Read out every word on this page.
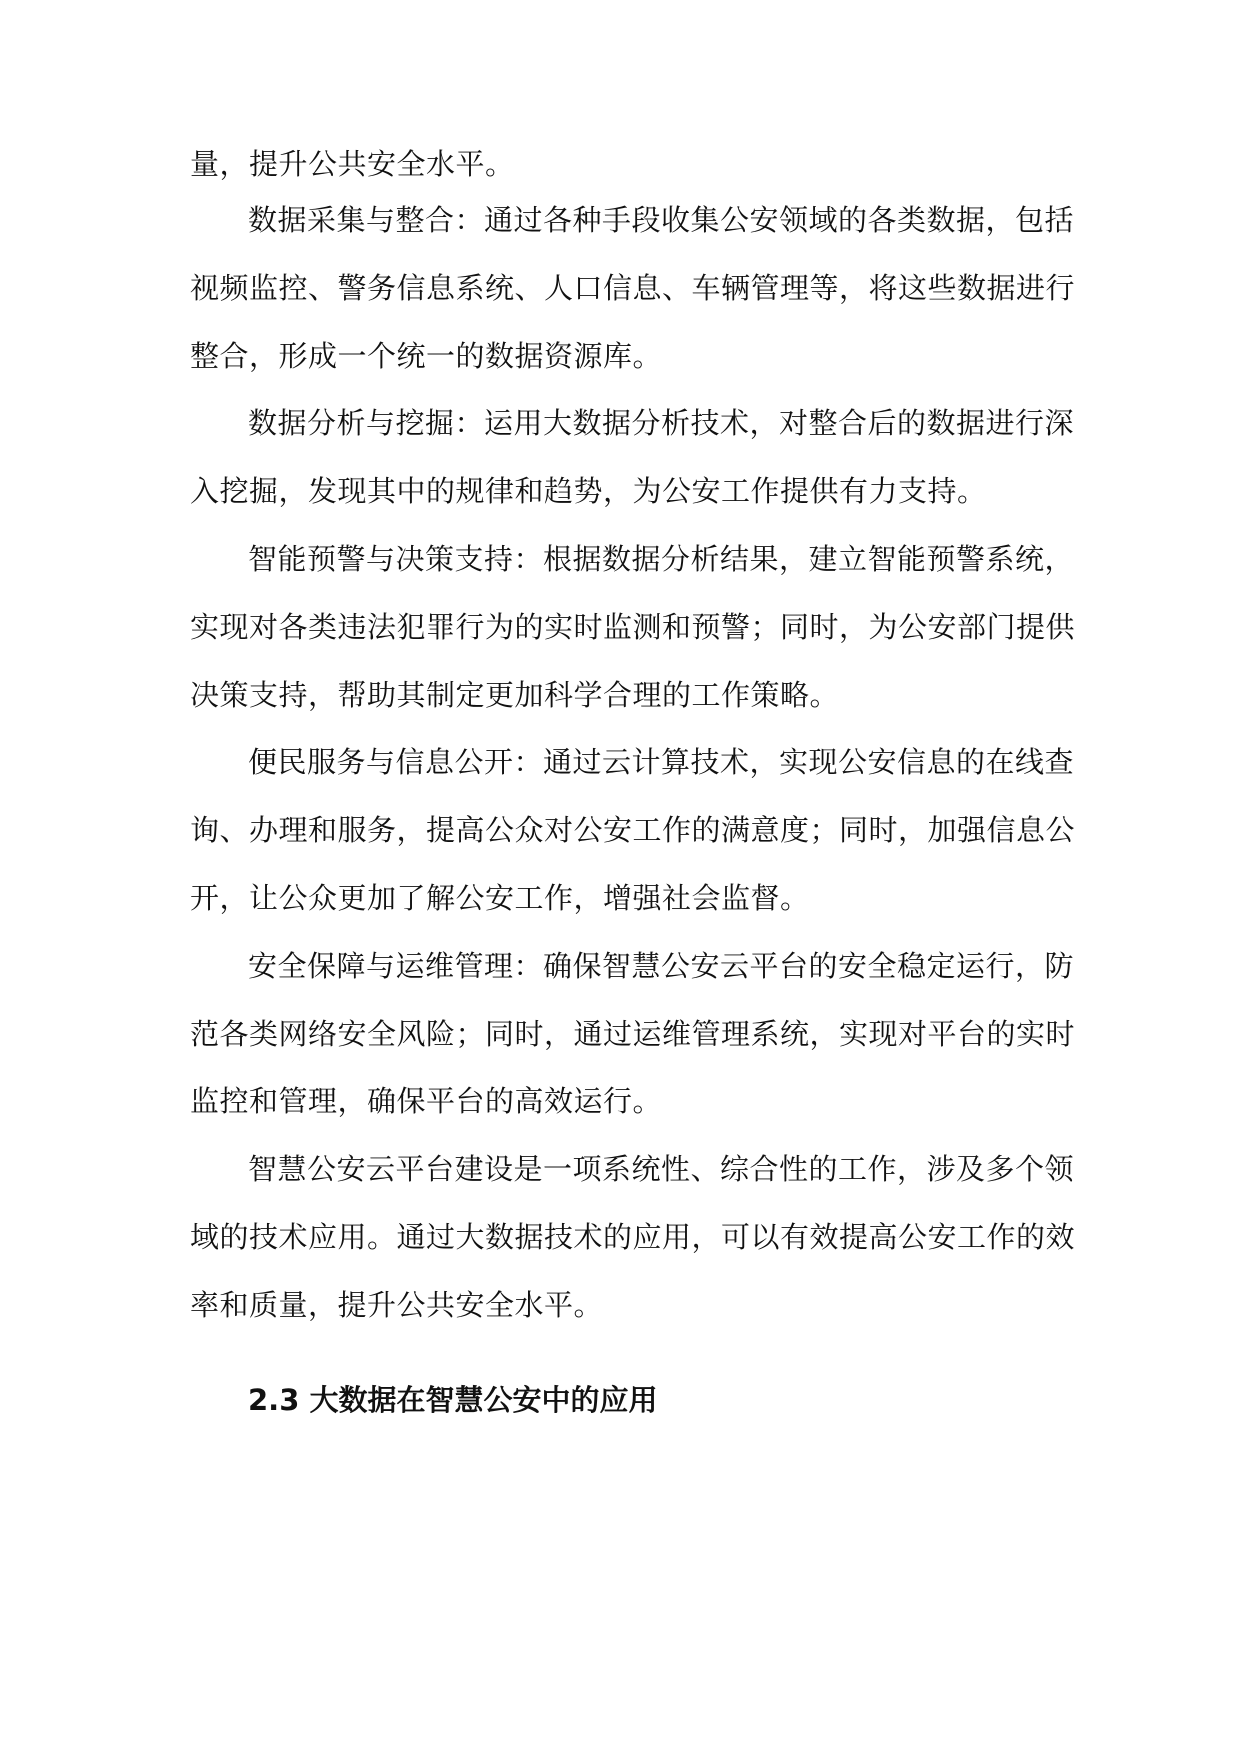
量，提升公共安全水平。
数据采集与整合：通过各种手段收集公安领域的各类数据，包括
视频监控、警务信息系统、人口信息、车辆管理等，将这些数据进行
整合，形成一个统一的数据资源库。
数据分析与挖掘：运用大数据分析技术，对整合后的数据进行深
入挖掘，发现其中的规律和趋势，为公安工作提供有力支持。
智能预警与决策支持：根据数据分析结果，建立智能预警系统，
实现对各类违法犯罪行为的实时监测和预警；同时，为公安部门提供
决策支持，帮助其制定更加科学合理的工作策略。
便民服务与信息公开：通过云计算技术，实现公安信息的在线查
询、办理和服务，提高公众对公安工作的满意度；同时，加强信息公
开，让公众更加了解公安工作，增强社会监督。
安全保障与运维管理：确保智慧公安云平台的安全稳定运行，防
范各类网络安全风险；同时，通过运维管理系统，实现对平台的实时
监控和管理，确保平台的高效运行。
智慧公安云平台建设是一项系统性、综合性的工作，涉及多个领
域的技术应用。通过大数据技术的应用，可以有效提高公安工作的效
率和质量，提升公共安全水平。
2.3 大数据在智慧公安中的应用
